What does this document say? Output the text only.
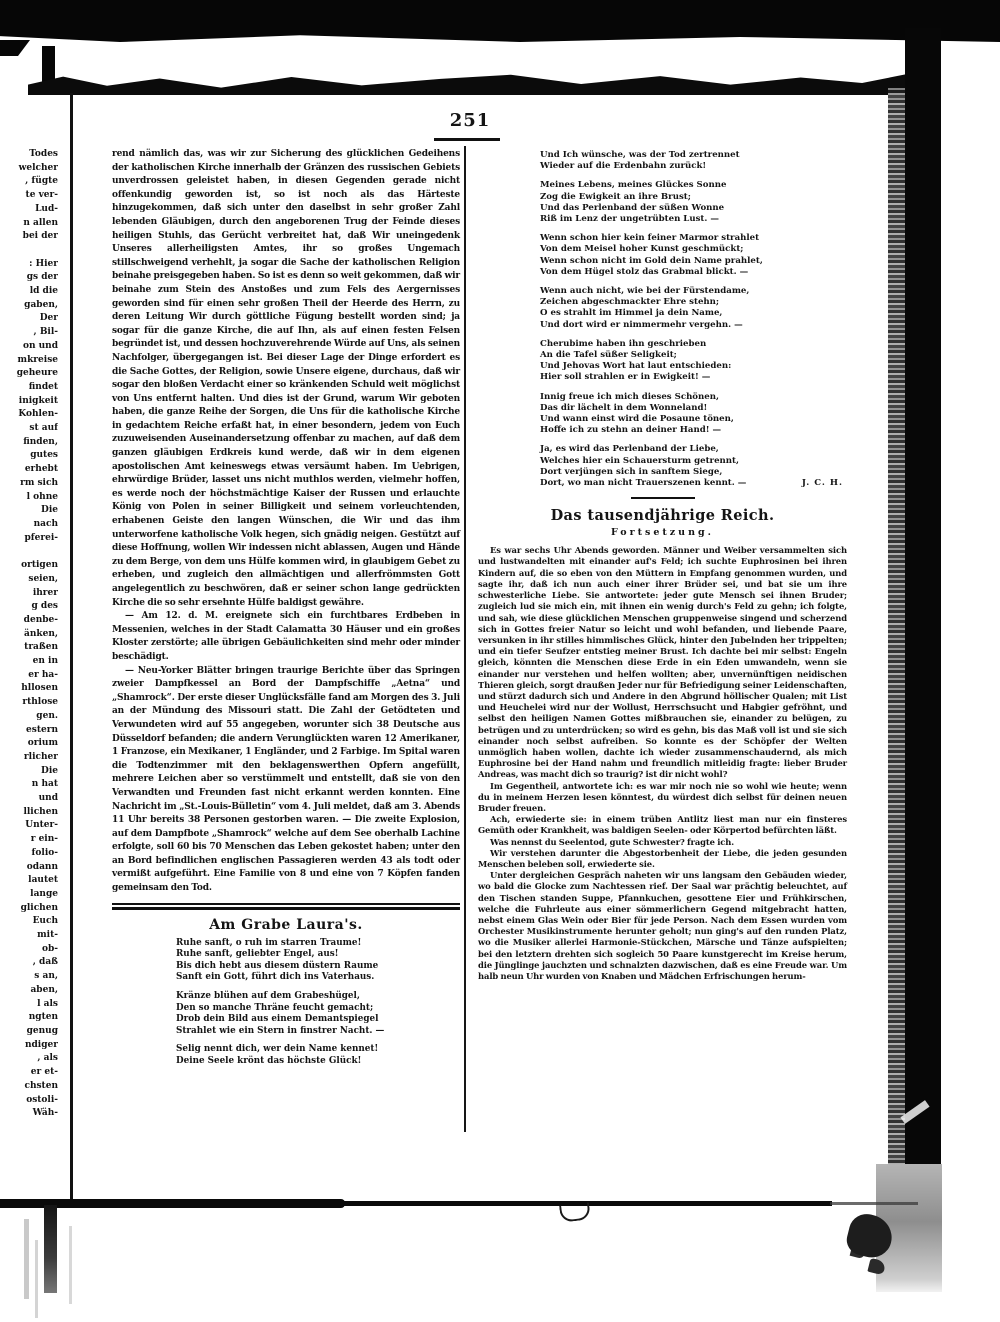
251
Todes
welcher
, fügte
te ver-
Lud-
n allen
bei der

: Hier
gs der
ld die
gaben,
Der
, Bil-
on und
mkreise
geheure
findet
inigkeit
Kohlen-
st auf
finden,
gutes
erhebt
rm sich
l ohne
Die
nach
pferei-

ortigen
seien,
ihrer
g des
denbe-
änken,
traßen
en in
er ha-
hllosen
rthlose
gen.
estern
orium
rlicher
Die
n hat
und
llichen
Unter-
r ein-
folio-
odann
lautet
lange
glichen
Euch
mit-
ob-
, daß
s an,
aben,
l als
ngten
genug
ndiger
, als
er et-
chsten
ostoli-
Wäh-
rend nämlich das, was wir zur Sicherung des glücklichen Gedeihens der katholischen Kirche innerhalb der Gränzen des russischen Gebiets unverdrossen geleistet haben, in diesen Gegenden gerade nicht offenkundig geworden ist, so ist noch als das Härteste hinzugekommen, daß sich unter den daselbst in sehr großer Zahl lebenden Gläubigen, durch den angeborenen Trug der Feinde dieses heiligen Stuhls, das Gerücht verbreitet hat, daß Wir uneingedenk Unseres allerheiligsten Amtes, ihr so großes Ungemach stillschweigend verhehlt, ja sogar die Sache der katholischen Religion beinahe preisgegeben haben. So ist es denn so weit gekommen, daß wir beinahe zum Stein des Anstoßes und zum Fels des Aergernisses geworden sind für einen sehr großen Theil der Heerde des Herrn, zu deren Leitung Wir durch göttliche Fügung bestellt worden sind; ja sogar für die ganze Kirche, die auf Ihn, als auf einen festen Felsen begründet ist, und dessen hochzuverehrende Würde auf Uns, als seinen Nachfolger, übergegangen ist. Bei dieser Lage der Dinge erfordert es die Sache Gottes, der Religion, sowie Unsere eigene, durchaus, daß wir sogar den bloßen Verdacht einer so kränkenden Schuld weit möglichst von Uns entfernt halten. Und dies ist der Grund, warum Wir geboten haben, die ganze Reihe der Sorgen, die Uns für die katholische Kirche in gedachtem Reiche erfaßt hat, in einer besondern, jedem von Euch zuzuweisenden Auseinandersetzung offenbar zu machen, auf daß dem ganzen gläubigen Erdkreis kund werde, daß wir in dem eigenen apostolischen Amt keineswegs etwas versäumt haben. Im Uebrigen, ehrwürdige Brüder, lasset uns nicht muthlos werden, vielmehr hoffen, es werde noch der höchstmächtige Kaiser der Russen und erlauchte König von Polen in seiner Billigkeit und seinem vorleuchtenden, erhabenen Geiste den langen Wünschen, die Wir und das ihm unterworfene katholische Volk hegen, sich gnädig neigen. Gestützt auf diese Hoffnung, wollen Wir indessen nicht ablassen, Augen und Hände zu dem Berge, von dem uns Hülfe kommen wird, in glaubigem Gebet zu erheben, und zugleich den allmächtigen und allerfrömmsten Gott angelegentlich zu beschwören, daß er seiner schon lange gedrückten Kirche die so sehr ersehnte Hülfe baldigst gewähre.
— Am 12. d. M. ereignete sich ein furchtbares Erdbeben in Messenien, welches in der Stadt Calamatta 30 Häuser und ein großes Kloster zerstörte; alle übrigen Gebäulichkeiten sind mehr oder minder beschädigt.
— Neu-Yorker Blätter bringen traurige Berichte über das Springen zweier Dampfkessel an Bord der Dampfschiffe „Aetna“ und „Shamrock“. Der erste dieser Unglücksfälle fand am Morgen des 3. Juli an der Mündung des Missouri statt. Die Zahl der Getödteten und Verwundeten wird auf 55 angegeben, worunter sich 38 Deutsche aus Düsseldorf befanden; die andern Verunglückten waren 12 Amerikaner, 1 Franzose, ein Mexikaner, 1 Engländer, und 2 Farbige. Im Spital waren die Todtenzimmer mit den beklagenswerthen Opfern angefüllt, mehrere Leichen aber so verstümmelt und entstellt, daß sie von den Verwandten und Freunden fast nicht erkannt werden konnten. Eine Nachricht im „St.-Louis-Bülletin“ vom 4. Juli meldet, daß am 3. Abends 11 Uhr bereits 38 Personen gestorben waren. — Die zweite Explosion, auf dem Dampfbote „Shamrock“ welche auf dem See oberhalb Lachine erfolgte, soll 60 bis 70 Menschen das Leben gekostet haben; unter den an Bord befindlichen englischen Passagieren werden 43 als todt oder vermißt aufgeführt. Eine Familie von 8 und eine von 7 Köpfen fanden gemeinsam den Tod.
Am Grabe Laura's.
Ruhe sanft, o ruh im starren Traume!
Ruhe sanft, geliebter Engel, aus!
Bis dich hebt aus diesem düstern Raume
Sanft ein Gott, führt dich ins Vaterhaus.
Kränze blühen auf dem Grabeshügel,
Den so manche Thräne feucht gemacht;
Drob dein Bild aus einem Demantspiegel
Strahlet wie ein Stern in finstrer Nacht. —
Selig nennt dich, wer dein Name kennet!
Deine Seele krönt das höchste Glück!
Und Ich wünsche, was der Tod zertrennet
Wieder auf die Erdenbahn zurück!
Meines Lebens, meines Glückes Sonne
Zog die Ewigkeit an ihre Brust;
Und das Perlenband der süßen Wonne
Riß im Lenz der ungetrübten Lust. —
Wenn schon hier kein feiner Marmor strahlet
Von dem Meisel hoher Kunst geschmückt;
Wenn schon nicht im Gold dein Name prahlet,
Von dem Hügel stolz das Grabmal blickt. —
Wenn auch nicht, wie bei der Fürstendame,
Zeichen abgeschmackter Ehre stehn;
O es strahlt im Himmel ja dein Name,
Und dort wird er nimmermehr vergehn. —
Cherubime haben ihn geschrieben
An die Tafel süßer Seligkeit;
Und Jehovas Wort hat laut entschieden:
Hier soll strahlen er in Ewigkeit! —
Innig freue ich mich dieses Schönen,
Das dir lächelt in dem Wonneland!
Und wann einst wird die Posaune tönen,
Hoffe ich zu stehn an deiner Hand! —
Ja, es wird das Perlenband der Liebe,
Welches hier ein Schauersturm getrennt,
Dort verjüngen sich in sanftem Siege,
Dort, wo man nicht Trauerszenen kennt. —	J. C. H.
Das tausendjährige Reich.
Fortsetzung.
Es war sechs Uhr Abends geworden. Männer und Weiber versammelten sich und lustwandelten mit einander auf's Feld; ich suchte Euphrosinen bei ihren Kindern auf, die so eben von den Müttern in Empfang genommen wurden, und sagte ihr, daß ich nun auch einer ihrer Brüder sei, und bat sie um ihre schwesterliche Liebe. Sie antwortete: jeder gute Mensch sei ihnen Bruder; zugleich lud sie mich ein, mit ihnen ein wenig durch's Feld zu gehn; ich folgte, und sah, wie diese glücklichen Menschen gruppenweise singend und scherzend sich in Gottes freier Natur so leicht und wohl befanden, und liebende Paare, versunken in ihr stilles himmlisches Glück, hinter den Jubelnden her trippelten; und ein tiefer Seufzer entstieg meiner Brust. Ich dachte bei mir selbst: Engeln gleich, könnten die Menschen diese Erde in ein Eden umwandeln, wenn sie einander nur verstehen und helfen wollten; aber, unvernünftigen neidischen Thieren gleich, sorgt draußen Jeder nur für Befriedigung seiner Leidenschaften, und stürzt dadurch sich und Andere in den Abgrund höllischer Qualen; mit List und Heuchelei wird nur der Wollust, Herrschsucht und Habgier gefröhnt, und selbst den heiligen Namen Gottes mißbrauchen sie, einander zu belügen, zu betrügen und zu unterdrücken; so wird es gehn, bis das Maß voll ist und sie sich einander noch selbst aufreiben. So konnte es der Schöpfer der Welten unmöglich haben wollen, dachte ich wieder zusammenschaudernd, als mich Euphrosine bei der Hand nahm und freundlich mitleidig fragte: lieber Bruder Andreas, was macht dich so traurig? ist dir nicht wohl?
Im Gegentheil, antwortete ich: es war mir noch nie so wohl wie heute; wenn du in meinem Herzen lesen könntest, du würdest dich selbst für deinen neuen Bruder freuen.
Ach, erwiederte sie: in einem trüben Antlitz liest man nur ein finsteres Gemüth oder Krankheit, was baldigen Seelen- oder Körpertod befürchten läßt.
Was nennst du Seelentod, gute Schwester? fragte ich.
Wir verstehen darunter die Abgestorbenheit der Liebe, die jeden gesunden Menschen beleben soll, erwiederte sie.
Unter dergleichen Gespräch naheten wir uns langsam den Gebäuden wieder, wo bald die Glocke zum Nachtessen rief. Der Saal war prächtig beleuchtet, auf den Tischen standen Suppe, Pfannkuchen, gesottene Eier und Frühkirschen, welche die Fuhrleute aus einer sömmerlichern Gegend mitgebracht hatten, nebst einem Glas Wein oder Bier für jede Person. Nach dem Essen wurden vom Orchester Musikinstrumente herunter geholt; nun ging's auf den runden Platz, wo die Musiker allerlei Harmonie-Stückchen, Märsche und Tänze aufspielten; bei den letztern drehten sich sogleich 50 Paare kunstgerecht im Kreise herum, die Jünglinge jauchzten und schnalzten dazwischen, daß es eine Freude war. Um halb neun Uhr wurden von Knaben und Mädchen Erfrischungen herum-
